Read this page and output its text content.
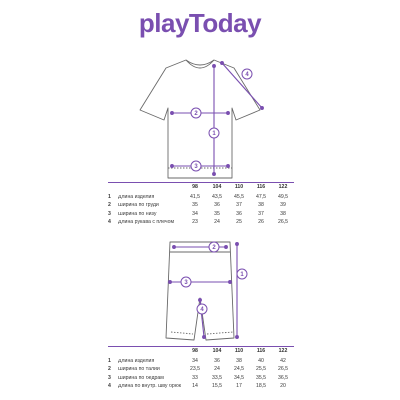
playToday
1
2
3
4
98	104	110	116	122
1	Длина изделия	41,5	43,5	45,5	47,5	49,5
2	Ширина по груди	35	36	37	38	39
3	Ширина по низу	34	35	36	37	38
4	Длина рукава с плечом	23	24	25	26	26,5
1
2
3
4
98	104	110	116	122
1	Длина изделия	34	36	38	40	42
2	Ширина по талии	23,5	24	24,5	25,5	26,5
3	Ширина по бедрам	33	33,5	34,5	35,5	36,5
4	Длина по внутр. шву брюк	14	15,5	17	18,5	20
